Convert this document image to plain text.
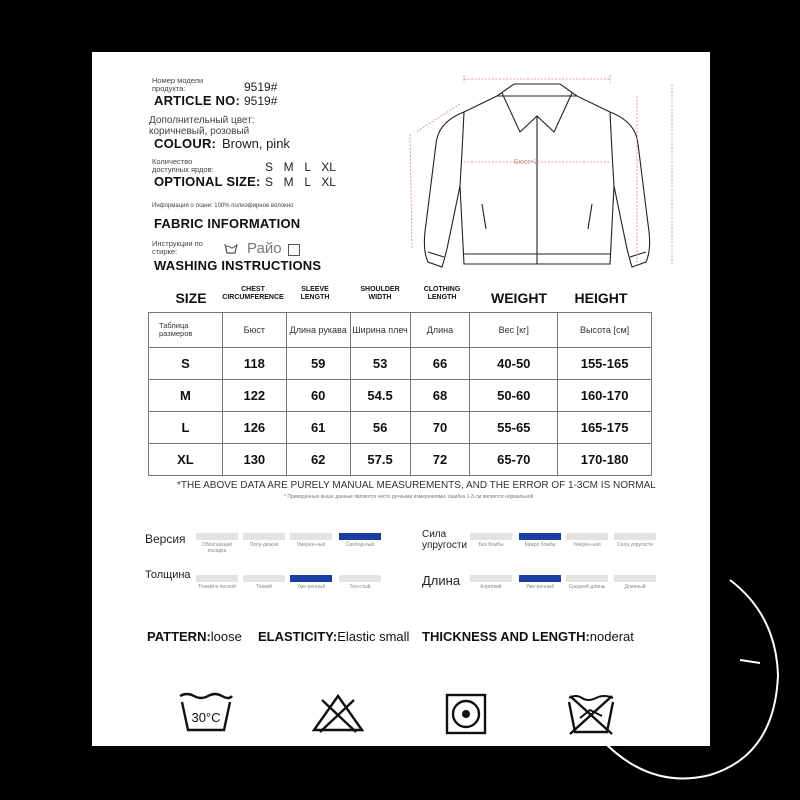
Номер модели продукта:	9519#
ARTICLE NO: 9519#
Дополнительный цвет: коричневый, розовый
COLOUR: Brown, pink
Количество доступных ярдов:	S  M  L  XL
OPTIONAL SIZE: S  M  L  XL
Информация о ткани: 100% полиэфирное волокно
FABRIC INFORMATION
Инструкции по стирке:	Райо
WASHING INSTRUCTIONS
Бюст×2
SIZE
CHEST CIRCUMFERENCE
SLEEVE LENGTH
SHOULDER WIDTH
CLOTHING LENGTH	WEIGHT	HEIGHT
Таблица размеров	Бюст	Длина рукава	Ширина плеч	Длина	Вес [кг]	Высота [см]
S	118	59	53	66	40-50	155-165
M	122	60	54.5	68	50-60	160-170
L	126	61	56	70	55-65	165-175
XL	130	62	57.5	72	65-70	170-180
*THE ABOVE DATA ARE PURELY MANUAL MEASUREMENTS, AND THE ERROR OF 1-3CM IS NORMAL
* Приведенные выше данные являются чисто ручными измерениями, ошибка 1-3 см является нормальной
Версия	Облегающий посадка
Полу-дюжая	Умерен-ный	Свобод-ный
Сила упругости	Без бомбы	Микро бомба	Умерен-ная	Сила упругости
Толщина
Тонкий в лесной	Тонкий	Уме-ренный	Тол-стый	Длина	Короткий	Уме-ренный	Средней длины	Длинный
PATTERN:loose ELASTICITY:Elastic small THICKNESS AND LENGTH:noderat
30°C
